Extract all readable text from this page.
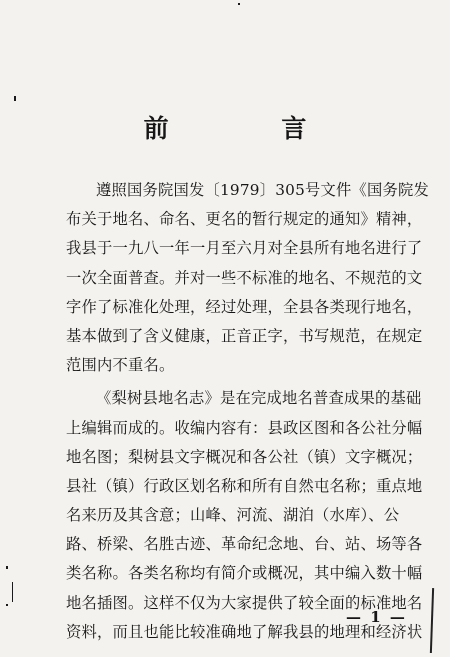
前 言
遵照国务院国发〔1979〕305号文件《国务院发
布关于地名、命名、更名的暂行规定的通知》精神，
我县于一九八一年一月至六月对全县所有地名进行了
一次全面普查。并对一些不标准的地名、不规范的文
字作了标准化处理，经过处理，全县各类现行地名，
基本做到了含义健康，正音正字，书写规范，在规定
范围内不重名。
《梨树县地名志》是在完成地名普查成果的基础
上编辑而成的。收编内容有：县政区图和各公社分幅
地名图；梨树县文字概况和各公社（镇）文字概况；
县社（镇）行政区划名称和所有自然屯名称；重点地
名来历及其含意；山峰、河流、湖泊（水库）、公
路、桥梁、名胜古迹、革命纪念地、台、站、场等各
类名称。各类名称均有简介或概况，其中编入数十幅
地名插图。这样不仅为大家提供了较全面的标准地名
资料，而且也能比较准确地了解我县的地理和经济状
— 1 —
